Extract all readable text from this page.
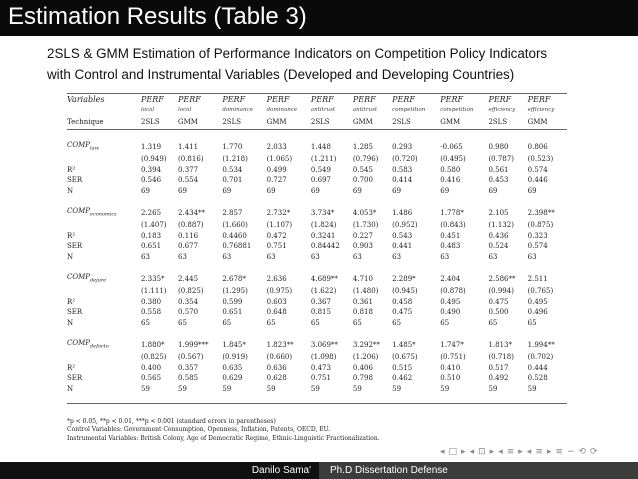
Estimation Results (Table 3)
2SLS & GMM Estimation of Performance Indicators on Competition Policy Indicators
with Control and Instrumental Variables (Developed and Developing Countries)

Variables	PERF	PERF	PERF	PERF	PERF	PERF	PERF	PERF	PERF	PERF
	local	local	dominance	dominance	antitrust	antitrust	competition	competition	efficiency	efficiency
Technique	2SLS	GMM	2SLS	GMM	2SLS	GMM	2SLS	GMM	2SLS	GMM

$COMP_{law}$	1.319	1.411	1.770	2.033	1.448	1.285	0.293	-0.065	0.980	0.806
	(0.949)	(0.816)	(1.218)	(1.065)	(1.211)	(0.796)	(0.720)	(0.495)	(0.787)	(0.523)
R²	0.394	0.377	0.534	0.499	0.549	0.545	0.583	0.580	0.561	0.574
SER	0.546	0.554	0.701	0.727	0.697	0.700	0.414	0.416	0.453	0.446
N	69	69	69	69	69	69	69	69	69	69

$COMP_{economics}$	2.265	2.434**	2.857	2.732*	3.734*	4.053*	1.486	1.778*	2.105	2.398**
	(1.407)	(0.887)	(1.660)	(1.107)	(1.824)	(1.730)	(0.952)	(0.843)	(1.132)	(0.875)
R²	0.183	0.116	0.4460	0.472	0.3241	0.227	0.543	0.451	0.436	0.323
SER	0.651	0.677	0.76881	0.751	0.84442	0.903	0.441	0.483	0.524	0.574
N	63	63	63	63	63	63	63	63	63	63

$COMP_{dejure}$	2.335*	2.445	2.678*	2.636	4.689**	4.710	2.289*	2.404	2.586**	2.511
	(1.111)	(0.825)	(1.295)	(0.975)	(1.622)	(1.480)	(0.945)	(0.878)	(0.994)	(0.765)
R²	0.380	0.354	0.599	0.603	0.367	0.361	0.458	0.495	0.475	0.495
SER	0.558	0.570	0.651	0.648	0.815	0.818	0.475	0.490	0.500	0.496
N	65	65	65	65	65	65	65	65	65	65

$COMP_{defacto}$	1.880*	1.999***	1.845*	1.823**	3.069**	3.292**	1.485*	1.747*	1.813*	1.994**
	(0.825)	(0.567)	(0.919)	(0.660)	(1.098)	(1.206)	(0.675)	(0.751)	(0.718)	(0.702)
R²	0.400	0.357	0.635	0.636	0.473	0.406	0.515	0.410	0.517	0.444
SER	0.565	0.585	0.629	0.628	0.751	0.798	0.462	0.510	0.492	0.528
N	59	59	59	59	59	59	59	59	59	59

*p < 0.05, **p < 0.01, ***p < 0.001 (standard errors in parentheses)
Control Variables: Government Consumption, Openness, Inflation, Patents, OECD, EU.
Instrumental Variables: British Colony, Age of Democratic Regime, Ethnic-Linguistic Fractionalization.
◂ □ ▸ ◂ ⊡ ▸ ◂ ≡ ▸ ◂ ≡ ▸ ≡ ∽ ⟲ ⟳
Danilo Sama'	Ph.D Dissertation Defense
